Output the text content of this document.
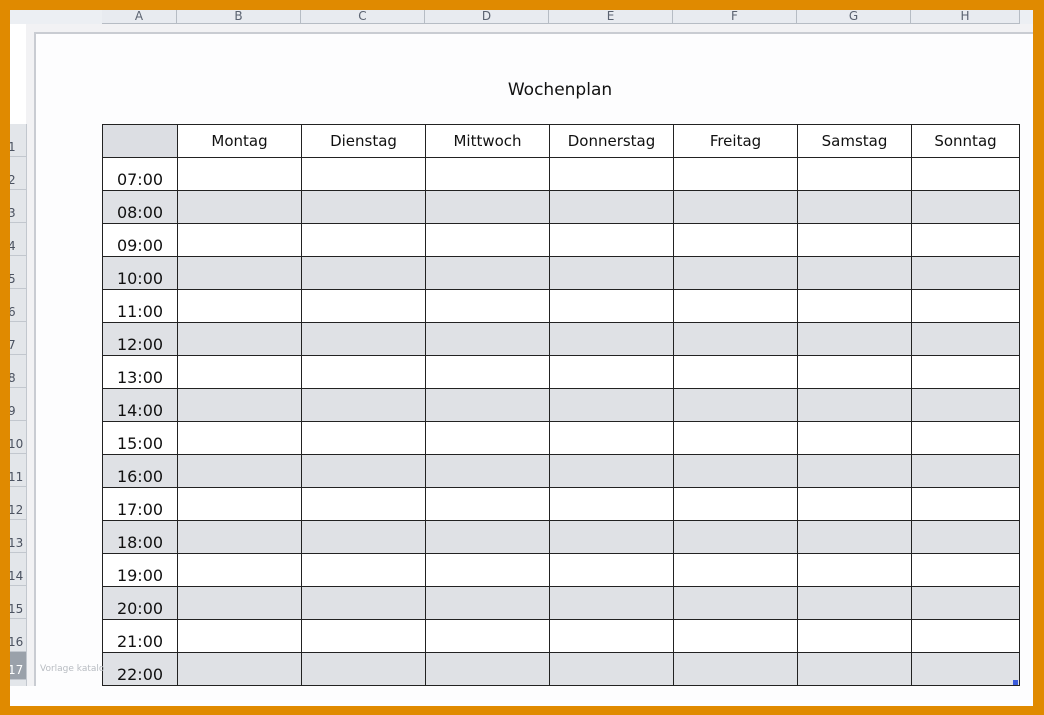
A	B	C	D	E	F	G	H
1
2
3
4
5
6
7
8
9
10
11
12
13
14
15
16
17
Wochenplan
	Montag	Dienstag	Mittwoch	Donnerstag	Freitag	Samstag	Sonntag
07:00							
08:00							
09:00							
10:00							
11:00							
12:00							
13:00							
14:00							
15:00							
16:00							
17:00							
18:00							
19:00							
20:00							
21:00							
22:00							
Vorlage katalo
